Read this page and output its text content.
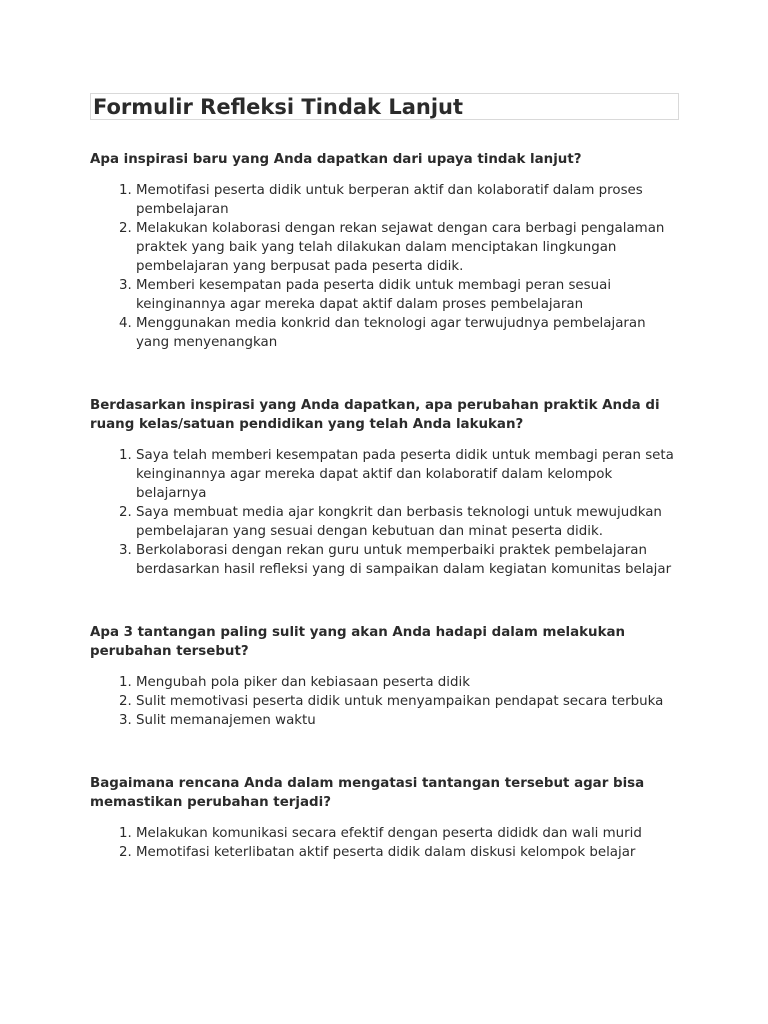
Formulir Refleksi Tindak Lanjut

Apa inspirasi baru yang Anda dapatkan dari upaya tindak lanjut?

1. Memotifasi peserta didik untuk berperan aktif dan kolaboratif dalam proses pembelajaran
2. Melakukan kolaborasi dengan rekan sejawat dengan cara berbagi pengalaman praktek yang baik yang telah dilakukan dalam menciptakan lingkungan pembelajaran yang berpusat pada peserta didik.
3. Memberi kesempatan pada peserta didik untuk membagi peran sesuai keinginannya agar mereka dapat aktif dalam proses pembelajaran
4. Menggunakan media konkrid dan teknologi agar terwujudnya pembelajaran yang menyenangkan

Berdasarkan inspirasi yang Anda dapatkan, apa perubahan praktik Anda di ruang kelas/satuan pendidikan yang telah Anda lakukan?

1. Saya telah memberi kesempatan pada peserta didik untuk membagi peran seta keinginannya agar mereka dapat aktif dan kolaboratif dalam kelompok belajarnya
2. Saya membuat media ajar kongkrit dan berbasis teknologi untuk mewujudkan pembelajaran yang sesuai dengan kebutuan dan minat peserta didik.
3. Berkolaborasi dengan rekan guru untuk memperbaiki praktek pembelajaran berdasarkan hasil refleksi yang di sampaikan dalam kegiatan komunitas belajar

Apa 3 tantangan paling sulit yang akan Anda hadapi dalam melakukan perubahan tersebut?

1. Mengubah pola piker dan kebiasaan peserta didik
2. Sulit memotivasi peserta didik untuk menyampaikan pendapat secara terbuka
3. Sulit memanajemen waktu

Bagaimana rencana Anda dalam mengatasi tantangan tersebut agar bisa memastikan perubahan terjadi?

1. Melakukan komunikasi secara efektif dengan peserta dididk dan wali murid
2. Memotifasi keterlibatan aktif peserta didik dalam diskusi kelompok belajar
